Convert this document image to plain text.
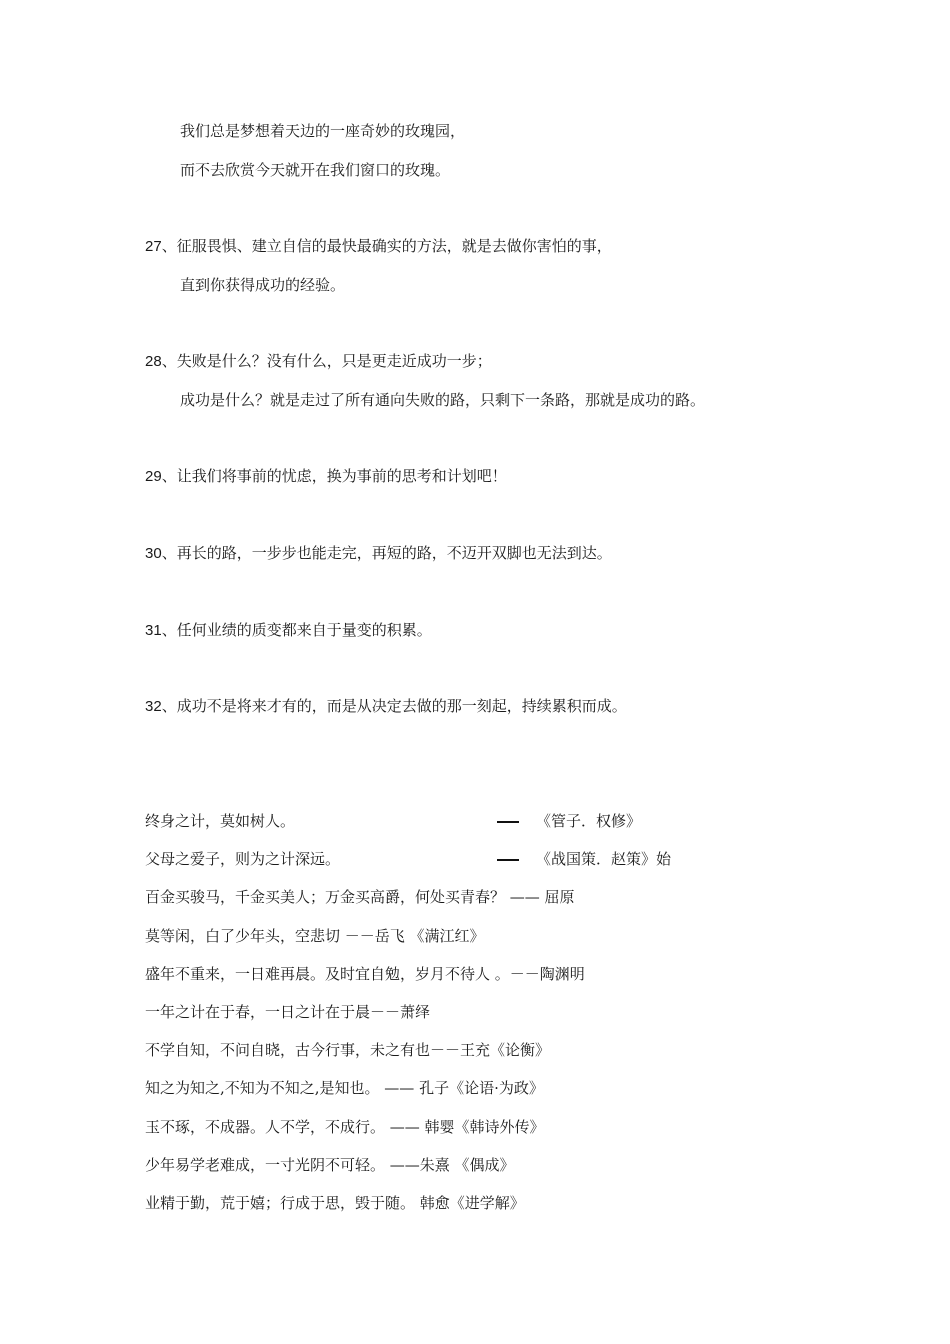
我们总是梦想着天边的一座奇妙的玫瑰园，
而不去欣赏今天就开在我们窗口的玫瑰。
27、征服畏惧、建立自信的最快最确实的方法，就是去做你害怕的事，
直到你获得成功的经验。
28、失败是什么？没有什么，只是更走近成功一步；
成功是什么？就是走过了所有通向失败的路，只剩下一条路，那就是成功的路。
29、让我们将事前的忧虑，换为事前的思考和计划吧！
30、再长的路，一步步也能走完，再短的路，不迈开双脚也无法到达。
31、任何业绩的质变都来自于量变的积累。
32、成功不是将来才有的，而是从决定去做的那一刻起，持续累积而成。
终身之计，莫如树人。	《管子．权修》
父母之爱子，则为之计深远。	《战国策．赵策》始
百金买骏马，千金买美人；万金买高爵，何处买青春？ —— 屈原
莫等闲，白了少年头，空悲切 －－岳飞 《满江红》
盛年不重来，一日难再晨。及时宜自勉，岁月不待人 。－－陶渊明
一年之计在于春，一日之计在于晨－－萧绎
不学自知，不问自晓，古今行事，未之有也－－王充《论衡》
知之为知之,不知为不知之,是知也。 —— 孔子《论语·为政》
玉不琢，不成器。人不学，不成行。 —— 韩婴《韩诗外传》
少年易学老难成，一寸光阴不可轻。 ——朱熹 《偶成》
业精于勤，荒于嬉；行成于思，毁于随。 韩愈《进学解》
